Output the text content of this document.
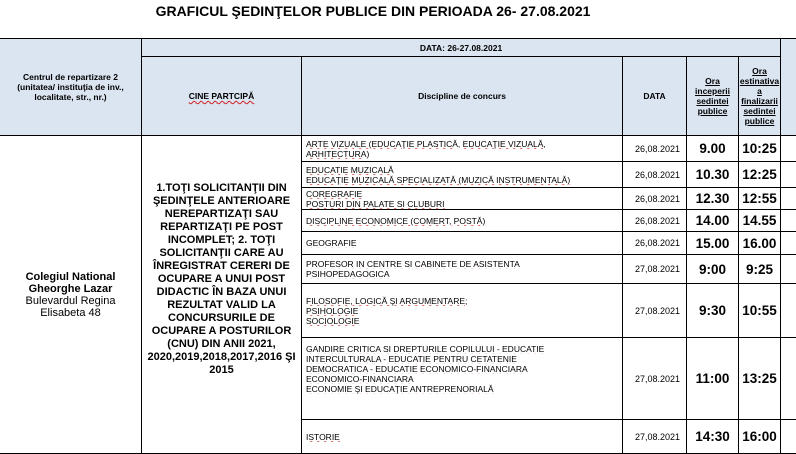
GRAFICUL ŞEDINŢELOR PUBLICE DIN PERIOADA 26- 27.08.2021
Centrul de repartizare 2 (unitatea/ instituţia de inv., localitate, str., nr.)
DATA: 26-27.08.2021
CINE PARTCIPĂ	Discipline de concurs	DATA
Ora inceperii sedintei publice
Ora estinativa a finalizarii sedintei publice
Colegiul National Gheorghe Lazar
Bulevardul Regina Elisabeta 48
1.TOŢI SOLICITANŢII DIN ŞEDINŢELE ANTERIOARE NEREPARTIZAŢI SAU REPARTIZAŢI PE POST INCOMPLET; 2. TOŢI SOLICITANŢII CARE AU ÎNREGISTRAT CERERI DE OCUPARE A UNUI POST DIDACTIC ÎN BAZA UNUI REZULTAT VALID LA CONCURSURILE DE OCUPARE A POSTURILOR (CNU) DIN ANII 2021, 2020,2019,2018,2017,2016 ŞI 2015
ARTE VIZUALE (EDUCAŢIE PLASTICĂ, EDUCAŢIE VIZUALĂ,
ARHITECTURA)	26,08.2021	9.00	10:25
EDUCATIE MUZICALĂ
EDUCAŢIE MUZICALĂ SPECIALIZATĂ (MUZICĂ INSTRUMENTALĂ)	26,08.2021	10.30 12:25
COREGRAFIE
POSTURI DIN PALATE SI CLUBURI	26,08.2021	12.30 12:55
DISCIPLINE ECONOMICE (COMERT, POSTĂ)	26,08.2021	14.00 14.55
GEOGRAFIE	26,08.2021	15.00 16.00
PROFESOR IN CENTRE SI CABINETE DE ASISTENTA
PSIHOPEDAGOGICA	27,08.2021	9:00	9:25
FILOSOFIE, LOGICĂ ŞI ARGUMENTARE;
PSIHOLOGIE
SOCIOLOGIE
27,08.2021	9:30	10:55
GANDIRE CRITICA SI DREPTURILE COPILULUI - EDUCATIE
INTERCULTURALA - EDUCATIE PENTRU CETATENIE
DEMOCRATICA - EDUCATIE ECONOMICO-FINANCIARA
ECONOMICO-FINANCIARA
ECONOMIE ŞI EDUCAŢIE ANTREPRENORIALĂ
27,08.2021	11:00 13:25
ISTORIE	27,08.2021	14:30 16:00
